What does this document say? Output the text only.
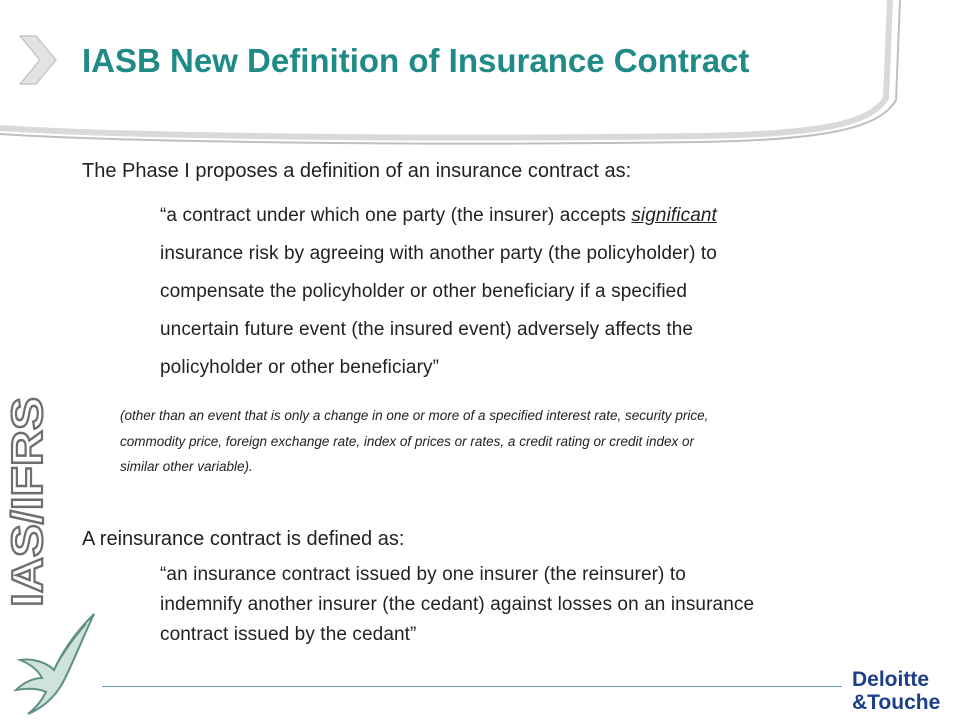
IASB New Definition of Insurance Contract
The Phase I proposes a definition of an insurance contract as:
“a contract under which one party (the insurer) accepts significant
insurance risk by agreeing with another party (the policyholder) to
compensate the policyholder or other beneficiary if a specified
uncertain future event (the insured event) adversely affects the
policyholder or other beneficiary”
(other than an event that is only a change in one or more of a specified interest rate, security price,
commodity price, foreign exchange rate, index of prices or rates, a credit rating or credit index or
similar other variable).
A reinsurance contract is defined as:
“an insurance contract issued by one insurer (the reinsurer) to
indemnify another insurer (the cedant) against losses on an insurance
contract issued by the cedant”
IAS/IFRS
Deloitte
&Touche
